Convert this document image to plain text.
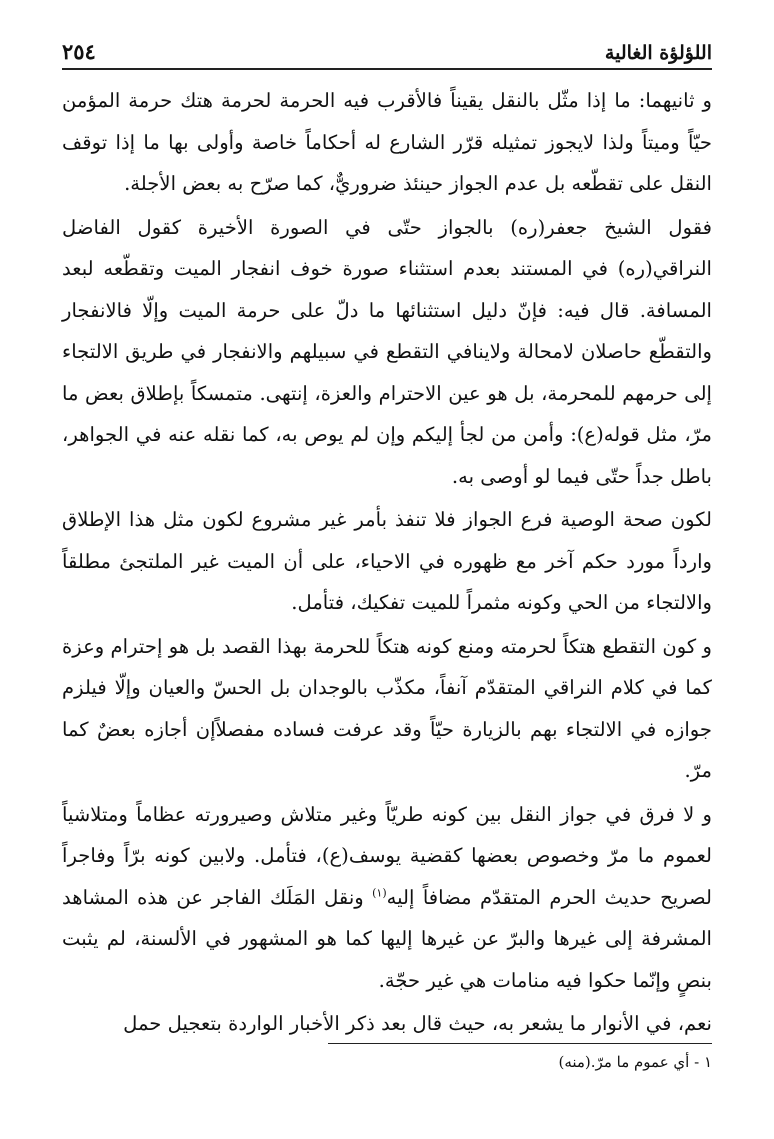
اللؤلؤة الغالية
٢٥٤

و ثانيهما: ما إذا مثّل بالنقل يقيناً فالأقرب فيه الحرمة لحرمة هتك حرمة المؤمن حيّاً وميتاً ولذا لايجوز تمثيله قرّر الشارع له أحكاماً خاصة وأولى بها ما إذا توقف النقل على تقطّعه بل عدم الجواز حينئذ ضروريٌّ، كما صرّح به بعض الأجلة.

فقول الشيخ جعفر(ره) بالجواز حتّى في الصورة الأخيرة كقول الفاضل النراقي(ره) في المستند بعدم استثناء صورة خوف انفجار الميت وتقطّعه لبعد المسافة. قال فيه: فإنّ دليل استثنائها ما دلّ على حرمة الميت وإلّا فالانفجار والتقطّع حاصلان لامحالة ولاينافي التقطع في سبيلهم والانفجار في طريق الالتجاء إلى حرمهم للمحرمة، بل هو عين الاحترام والعزة، إنتهى. متمسكاً بإطلاق بعض ما مرّ، مثل قوله(ع): وأمن من لجأ إليكم وإن لم يوص به، كما نقله عنه في الجواهر، باطل جداً حتّى فيما لو أوصى به.

لكون صحة الوصية فرع الجواز فلا تنفذ بأمر غير مشروع لكون مثل هذا الإطلاق وارداً مورد حكم آخر مع ظهوره في الاحياء، على أن الميت غير الملتجئ مطلقاً والالتجاء من الحي وكونه مثمراً للميت تفكيك، فتأمل.

و كون التقطع هتكاً لحرمته ومنع كونه هتكاً للحرمة بهذا القصد بل هو إحترام وعزة كما في كلام النراقي المتقدّم آنفاً، مكذّب بالوجدان بل الحسّ والعيان وإلّا فيلزم جوازه في الالتجاء بهم بالزيارة حيّاً وقد عرفت فساده مفصلاًإن أجازه بعضٌ كما مرّ.

و لا فرق في جواز النقل بين كونه طريّاً وغير متلاش وصيرورته عظاماً ومتلاشياً لعموم ما مرّ وخصوص بعضها كقضية يوسف(ع)، فتأمل. ولابين كونه برّاً وفاجراً لصريح حديث الحرم المتقدّم مضافاً إليه$^{(١)}$ ونقل المَلَك الفاجر عن هذه المشاهد المشرفة إلى غيرها والبرّ عن غيرها إليها كما هو المشهور في الألسنة، لم يثبت بنصٍ وإنّما حكوا فيه منامات هي غير حجّة.

نعم، في الأنوار ما يشعر به، حيث قال بعد ذكر الأخبار الواردة بتعجيل حمل

١ - أي عموم ما مرّ.(منه)
